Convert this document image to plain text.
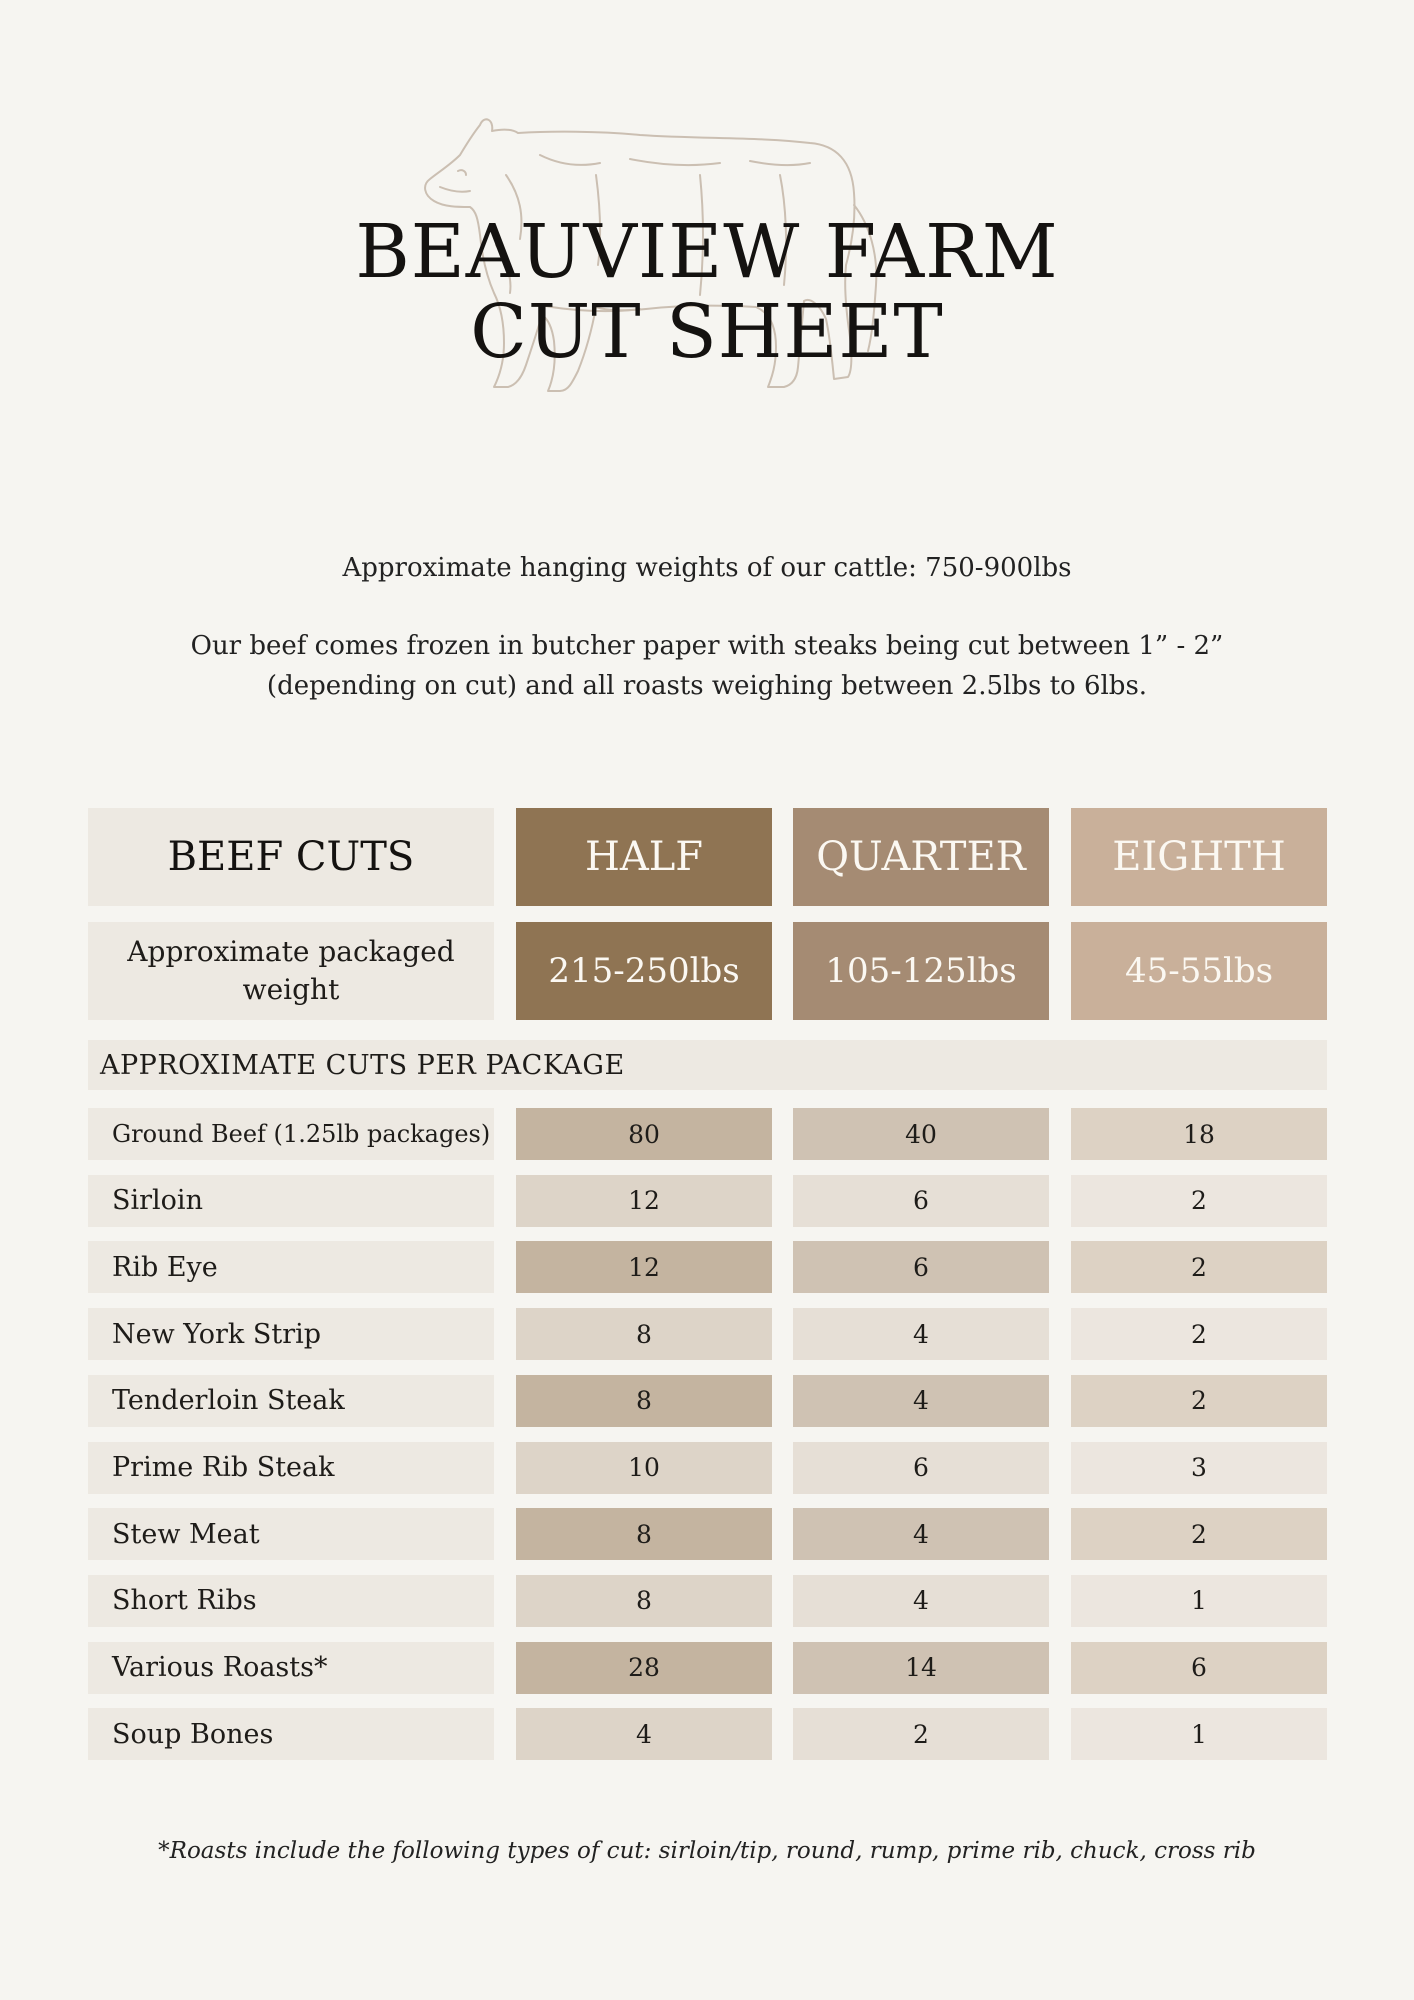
BEAUVIEW FARM
CUT SHEET

Approximate hanging weights of our cattle: 750-900lbs

Our beef comes frozen in butcher paper with steaks being cut between 1” - 2”
(depending on cut) and all roasts weighing between 2.5lbs to 6lbs.

BEEF CUTS	HALF	QUARTER	EIGHTH
Approximate packaged weight	215-250lbs	105-125lbs	45-55lbs
APPROXIMATE CUTS PER PACKAGE
Ground Beef (1.25lb packages)	80	40	18
Sirloin	12	6	2
Rib Eye	12	6	2
New York Strip	8	4	2
Tenderloin Steak	8	4	2
Prime Rib Steak	10	6	3
Stew Meat	8	4	2
Short Ribs	8	4	1
Various Roasts*	28	14	6
Soup Bones	4	2	1

*Roasts include the following types of cut: sirloin/tip, round, rump, prime rib, chuck, cross rib
